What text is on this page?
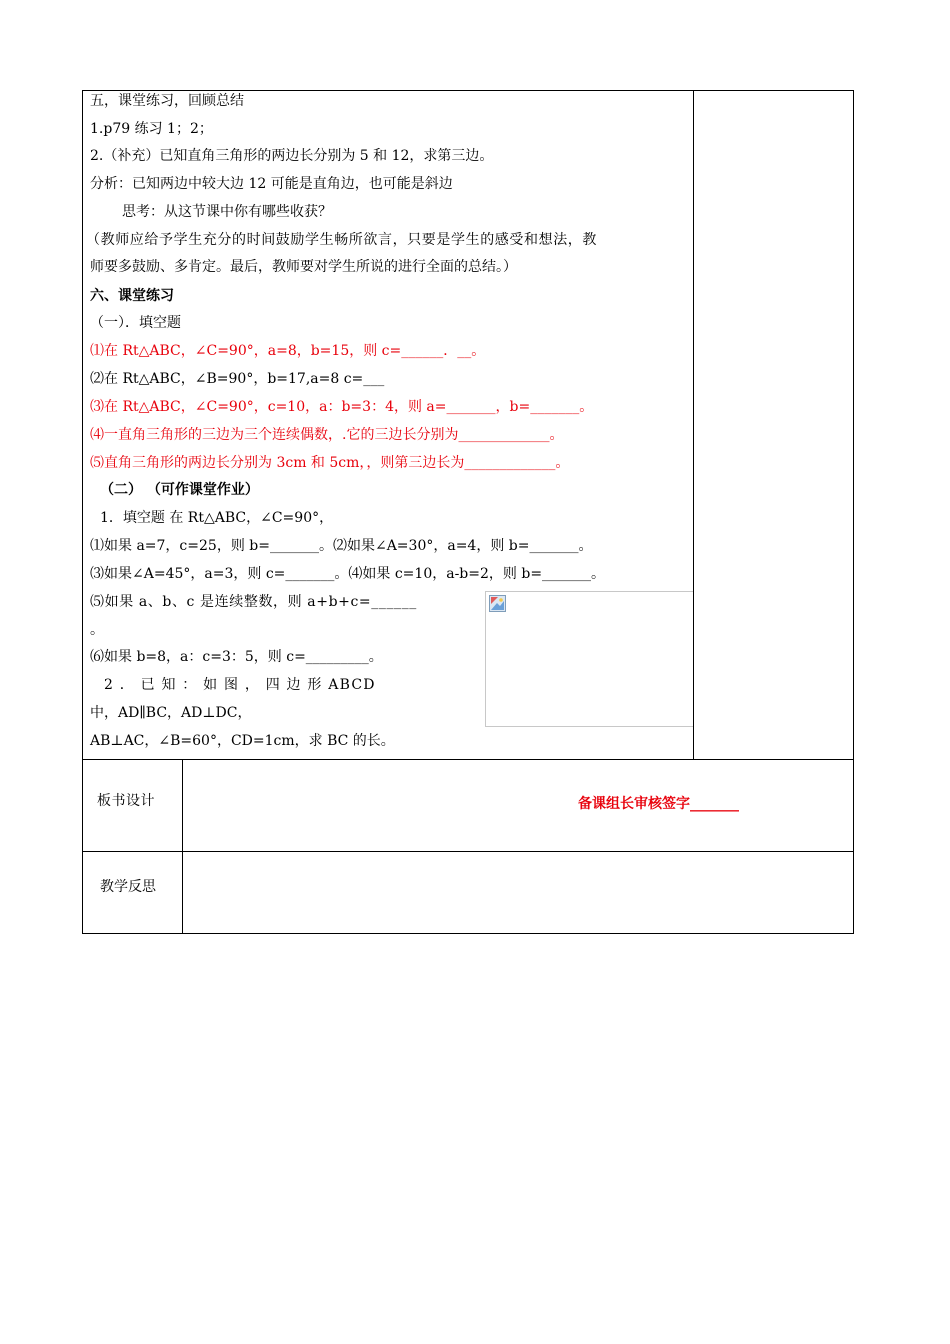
五，课堂练习，回顾总结
1.p79 练习 1；2；
2.（补充）已知直角三角形的两边长分别为 5 和 12，求第三边。
分析：已知两边中较大边 12 可能是直角边，也可能是斜边
思考：从这节课中你有哪些收获？
（教师应给予学生充分的时间鼓励学生畅所欲言，只要是学生的感受和想法，教
师要多鼓励、多肯定。最后，教师要对学生所说的进行全面的总结。）
六、课堂练习
（一）．填空题
⑴在 Rt△ABC，∠C=90°，a=8，b=15，则 c=______．__。
⑵在 Rt△ABC，∠B=90°，b=17,a=8 c=___
⑶在 Rt△ABC，∠C=90°，c=10，a：b=3：4，则 a=_______，b=_______。
⑷一直角三角形的三边为三个连续偶数，.它的三边长分别为_____________。
⑸直角三角形的两边长分别为 3cm 和 5cm，，则第三边长为_____________。
（二） （可作课堂作业）
1．填空题 在 Rt△ABC，∠C=90°，
⑴如果 a=7，c=25，则 b=_______。⑵如果∠A=30°，a=4，则 b=_______。
⑶如果∠A=45°，a=3，则 c=_______。⑷如果 c=10，a-b=2，则 b=_______。
⑸如果 a、b、c 是连续整数，则 a+b+c=______
。
⑹如果 b=8，a：c=3：5，则 c=_________。
2 ． 已 知 ： 如 图 ， 四 边 形 ABCD
中，AD∥BC，AD⊥DC，
AB⊥AC，∠B=60°，CD=1cm，求 BC 的长。
板书设计	备课组长审核签字_______
教学反思
